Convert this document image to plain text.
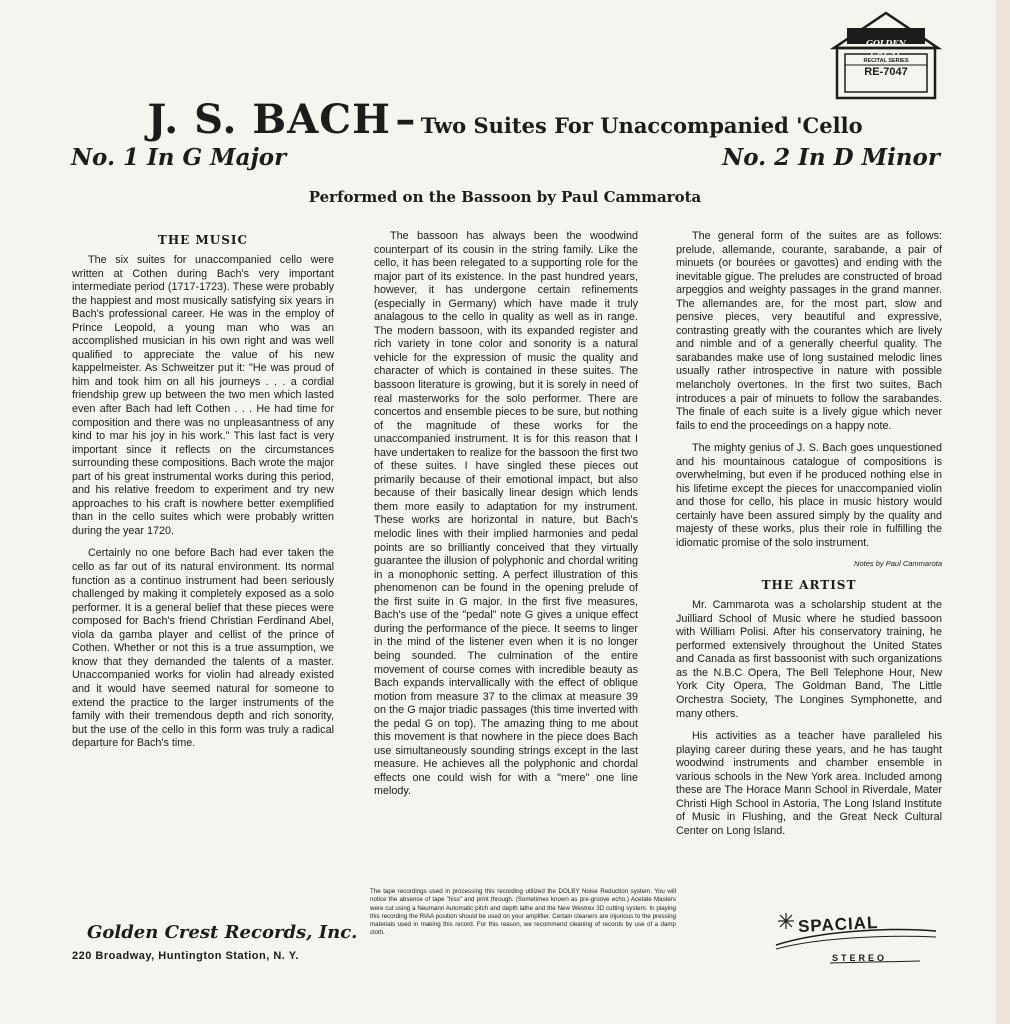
GOLDEN CREST
RECITAL SERIES
RE-7047
J. S. BACH – Two Suites For Unaccompanied 'Cello
No. 1 In G Major	No. 2 In D Minor
Performed on the Bassoon by Paul Cammarota
THE MUSIC

The six suites for unaccompanied cello were written at Cothen during Bach's very important intermediate period (1717-1723). These were probably the happiest and most musically satisfying six years in Bach's professional career. He was in the employ of Prince Leopold, a young man who was an accomplished musician in his own right and was well qualified to appreciate the value of his new kappelmeister. As Schweitzer put it: "He was proud of him and took him on all his journeys . . . a cordial friendship grew up between the two men which lasted even after Bach had left Cothen . . . He had time for composition and there was no unpleasantness of any kind to mar his joy in his work." This last fact is very important since it reflects on the circumstances surrounding these compositions. Bach wrote the major part of his great instrumental works during this period, and his relative freedom to experiment and try new approaches to his craft is nowhere better exemplified than in the cello suites which were probably written during the year 1720.

Certainly no one before Bach had ever taken the cello as far out of its natural environment. Its normal function as a continuo instrument had been seriously challenged by making it completely exposed as a solo performer. It is a general belief that these pieces were composed for Bach's friend Christian Ferdinand Abel, viola da gamba player and cellist of the prince of Cothen. Whether or not this is a true assumption, we know that they demanded the talents of a master. Unaccompanied works for violin had already existed and it would have seemed natural for someone to extend the practice to the larger instruments of the family with their tremendous depth and rich sonority, but the use of the cello in this form was truly a radical departure for Bach's time.

The bassoon has always been the woodwind counterpart of its cousin in the string family. Like the cello, it has been relegated to a supporting role for the major part of its existence. In the past hundred years, however, it has undergone certain refinements (especially in Germany) which have made it truly analagous to the cello in quality as well as in range. The modern bassoon, with its expanded register and rich variety in tone color and sonority is a natural vehicle for the expression of music the quality and character of which is contained in these suites. The bassoon literature is growing, but it is sorely in need of real masterworks for the solo performer. There are concertos and ensemble pieces to be sure, but nothing of the magnitude of these works for the unaccompanied instrument. It is for this reason that I have undertaken to realize for the bassoon the first two of these suites. I have singled these pieces out primarily because of their emotional impact, but also because of their basically linear design which lends them more easily to adaptation for my instrument. These works are horizontal in nature, but Bach's melodic lines with their implied harmonies and pedal points are so brilliantly conceived that they virtually guarantee the illusion of polyphonic and chordal writing in a monophonic setting. A perfect illustration of this phenomenon can be found in the opening prelude of the first suite in G major. In the first five measures, Bach's use of the "pedal" note G gives a unique effect during the performance of the piece. It seems to linger in the mind of the listener even when it is no longer being sounded. The culmination of the entire movement of course comes with incredible beauty as Bach expands intervallically with the effect of oblique motion from measure 37 to the climax at measure 39 on the G major triadic passages (this time inverted with the pedal G on top). The amazing thing to me about this movement is that nowhere in the piece does Bach use simultaneously sounding strings except in the last measure. He achieves all the polyphonic and chordal effects one could wish for with a "mere" one line melody.

The general form of the suites are as follows: prelude, allemande, courante, sarabande, a pair of minuets (or bourées or gavottes) and ending with the inevitable gigue. The preludes are constructed of broad arpeggios and weighty passages in the grand manner. The allemandes are, for the most part, slow and pensive pieces, very beautiful and expressive, contrasting greatly with the courantes which are lively and nimble and of a generally cheerful quality. The sarabandes make use of long sustained melodic lines usually rather introspective in nature with possible melancholy overtones. In the first two suites, Bach introduces a pair of minuets to follow the sarabandes. The finale of each suite is a lively gigue which never fails to end the proceedings on a happy note.

The mighty genius of J. S. Bach goes unquestioned and his mountainous catalogue of compositions is overwhelming, but even if he produced nothing else in his lifetime except the pieces for unaccompanied violin and those for cello, his place in music history would certainly have been assured simply by the quality and majesty of these works, plus their role in fulfilling the idiomatic promise of the solo instrument.

Notes by Paul Cammarota
THE ARTIST

Mr. Cammarota was a scholarship student at the Juilliard School of Music where he studied bassoon with William Polisi. After his conservatory training, he performed extensively throughout the United States and Canada as first bassoonist with such organizations as the N.B.C Opera, The Bell Telephone Hour, New York City Opera, The Goldman Band, The Little Orchestra Society, The Longines Symphonette, and many others.

His activities as a teacher have paralleled his playing career during these years, and he has taught woodwind instruments and chamber ensemble in various schools in the New York area. Included among these are The Horace Mann School in Riverdale, Mater Christi High School in Astoria, The Long Island Institute of Music in Flushing, and the Great Neck Cultural Center on Long Island.

Golden Crest Records, Inc.
220 Broadway, Huntington Station, N. Y.
The tape recordings used in processing this recording utilized the DOLBY Noise Reduction system. You will notice the absence of tape "hiss" and print through. (Sometimes known as pre-groove echo.) Acetate Masters were cut using a Neumann Automatic pitch and depth lathe and the New Westrex 3D cutting system. In playing this recording the RIAA position should be used on your amplifier. Certain cleaners are injurious to the pressing materials used in making this record. For this reason, we recommend cleaning of records by use of a damp cloth.	SPACIAL
STEREO
